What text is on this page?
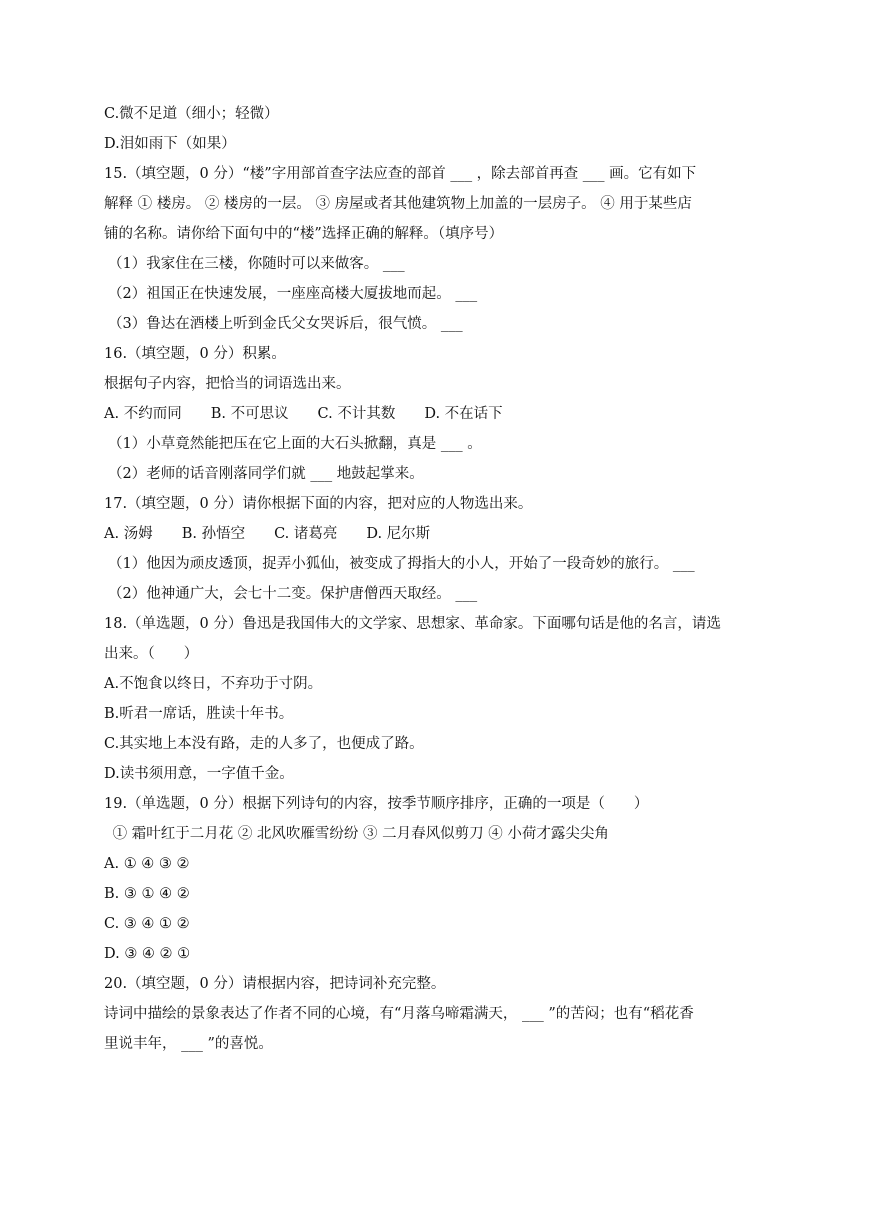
C.微不足道（细小；轻微）
D.泪如雨下（如果）
15.（填空题，0 分）“楼”字用部首查字法应查的部首 ___ ，除去部首再查 ___ 画。它有如下
解释 ① 楼房。 ② 楼房的一层。 ③ 房屋或者其他建筑物上加盖的一层房子。 ④ 用于某些店
铺的名称。请你给下面句中的“楼”选择正确的解释。（填序号）
（1）我家住在三楼，你随时可以来做客。 ___
（2）祖国正在快速发展，一座座高楼大厦拔地而起。 ___
（3）鲁达在酒楼上听到金氏父女哭诉后，很气愤。 ___
16.（填空题，0 分）积累。
根据句子内容，把恰当的词语选出来。
A. 不约而同　　B. 不可思议　　C. 不计其数　　D. 不在话下
（1）小草竟然能把压在它上面的大石头掀翻，真是 ___ 。
（2）老师的话音刚落同学们就 ___ 地鼓起掌来。
17.（填空题，0 分）请你根据下面的内容，把对应的人物选出来。
A. 汤姆　　B. 孙悟空　　C. 诸葛亮　　D. 尼尔斯
（1）他因为顽皮透顶，捉弄小狐仙，被变成了拇指大的小人，开始了一段奇妙的旅行。 ___
（2）他神通广大，会七十二变。保护唐僧西天取经。 ___
18.（单选题，0 分）鲁迅是我国伟大的文学家、思想家、革命家。下面哪句话是他的名言，请选
出来。（　　）
A.不饱食以终日，不弃功于寸阴。
B.听君一席话，胜读十年书。
C.其实地上本没有路，走的人多了，也便成了路。
D.读书须用意，一字值千金。
19.（单选题，0 分）根据下列诗句的内容，按季节顺序排序，正确的一项是（　　）
① 霜叶红于二月花 ② 北风吹雁雪纷纷 ③ 二月春风似剪刀 ④ 小荷才露尖尖角
A. ① ④ ③ ②
B. ③ ① ④ ②
C. ③ ④ ① ②
D. ③ ④ ② ①
20.（填空题，0 分）请根据内容，把诗词补充完整。
诗词中描绘的景象表达了作者不同的心境，有“月落乌啼霜满天， ___ ”的苦闷；也有“稻花香
里说丰年， ___ ”的喜悦。
